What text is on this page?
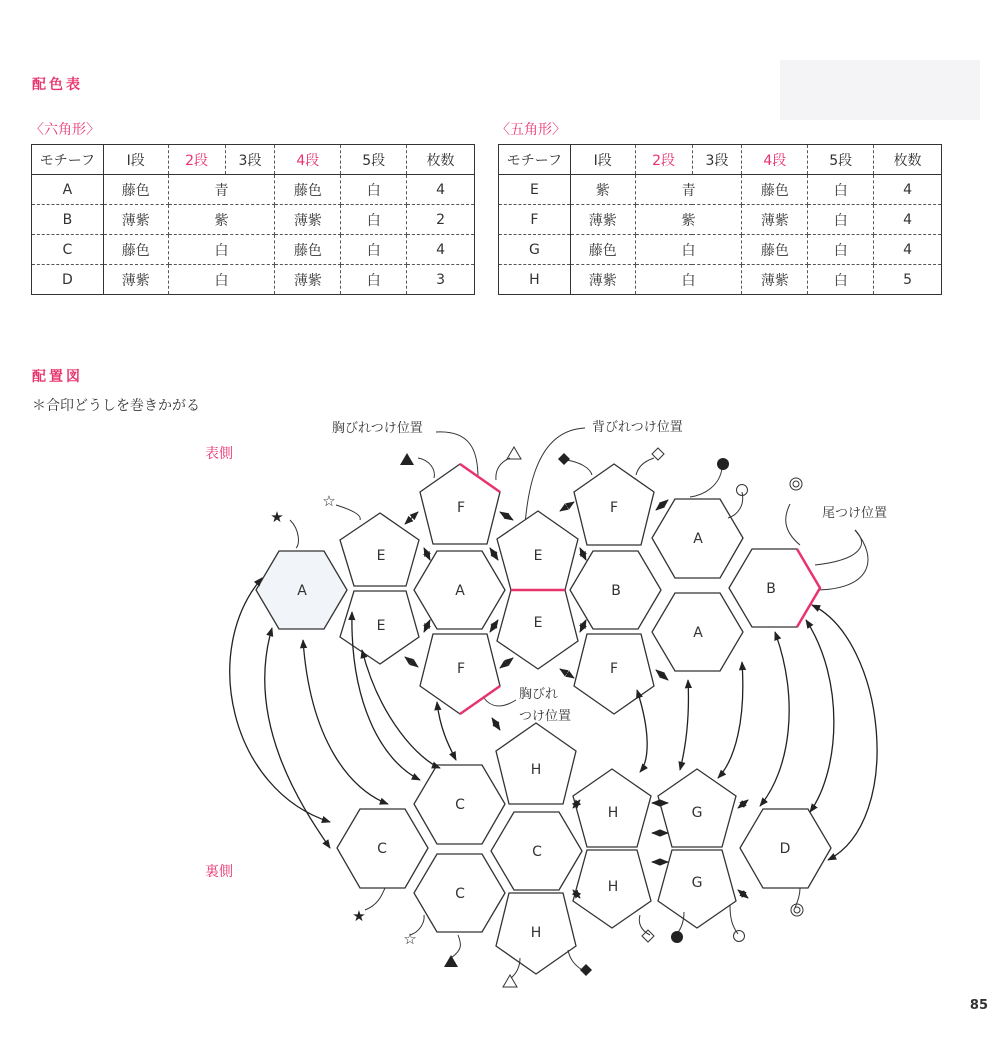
配色表
〈六角形〉	〈五角形〉
モチーフ	Ⅰ段	2段	3段	4段	5段	枚数
A	藤色	青		藤色	白	4
B	薄紫	紫		薄紫	白	2
C	藤色	白		藤色	白	4
D	薄紫	白		薄紫	白	3
モチーフ	Ⅰ段	2段	3段	4段	5段	枚数
E	紫	青		藤色	白	4
F	薄紫	紫		薄紫	白	4
G	藤色	白		藤色	白	4
H	薄紫	白		薄紫	白	5
配置図
＊合印どうしを巻きかがる
表側
裏側
胸びれつけ位置	背びれつけ位置
尾つけ位置
胸びれ
つけ位置
A	A
A
A
B	B
E
E
E
E
F
F
F
F
C
C
C
C	D
H
H
H
H
G
G
★
☆
★
☆
85
